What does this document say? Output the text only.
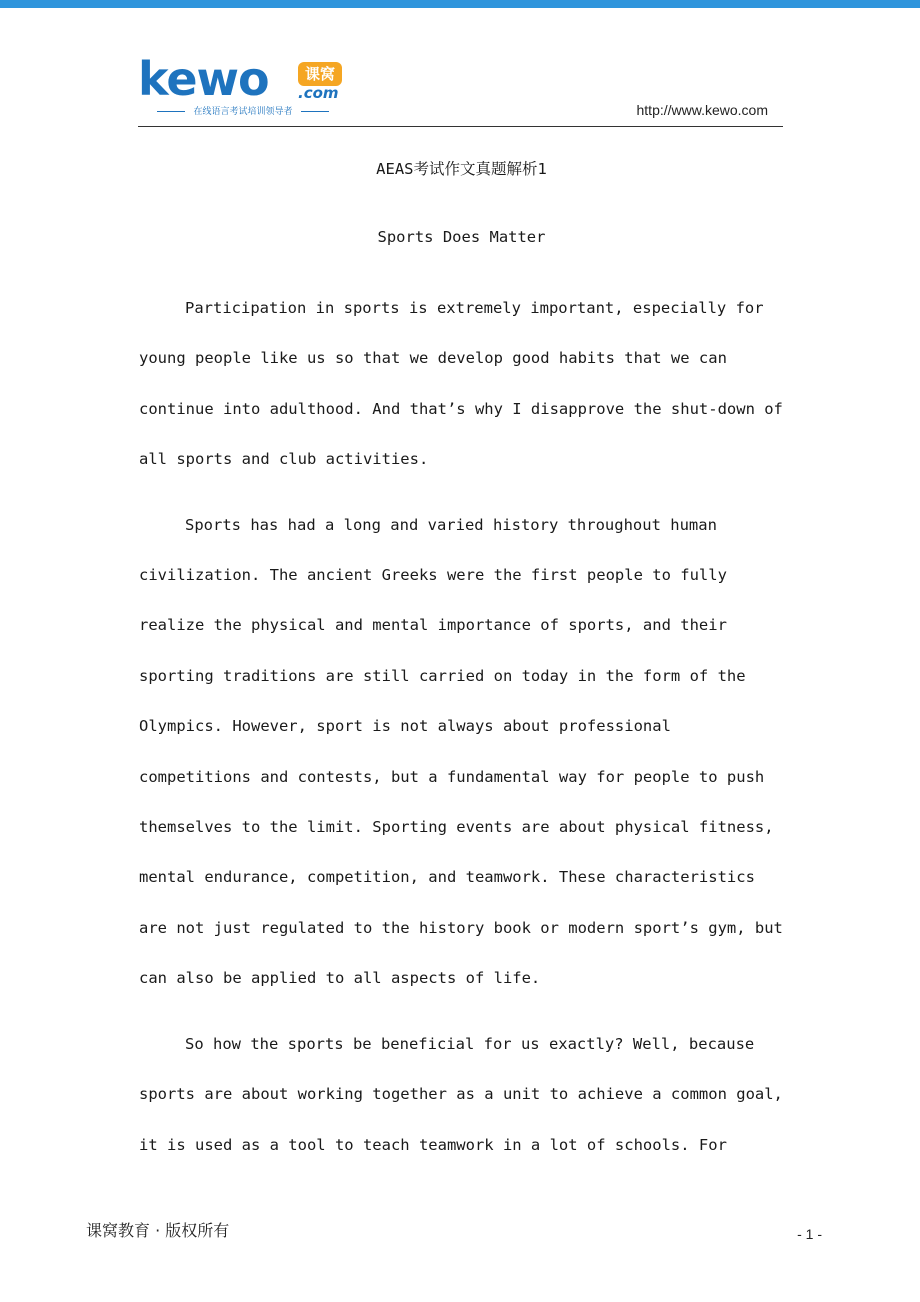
kewo	课窝
.com
在线语言考试培训领导者	http://www.kewo.com
AEAS考试作文真题解析1
Sports Does Matter

Participation in sports is extremely important, especially for young people like us so that we develop good habits that we can continue into adulthood. And that’s why I disapprove the shut-down of all sports and club activities.

Sports has had a long and varied history throughout human civilization. The ancient Greeks were the first people to fully realize the physical and mental importance of sports, and their sporting traditions are still carried on today in the form of the Olympics. However, sport is not always about professional competitions and contests, but a fundamental way for people to push themselves to the limit. Sporting events are about physical fitness, mental endurance, competition, and teamwork. These characteristics are not just regulated to the history book or modern sport’s gym, but can also be applied to all aspects of life.

So how the sports be beneficial for us exactly? Well, because sports are about working together as a unit to achieve a common goal, it is used as a tool to teach teamwork in a lot of schools. For

课窝教育 · 版权所有	- 1 -
